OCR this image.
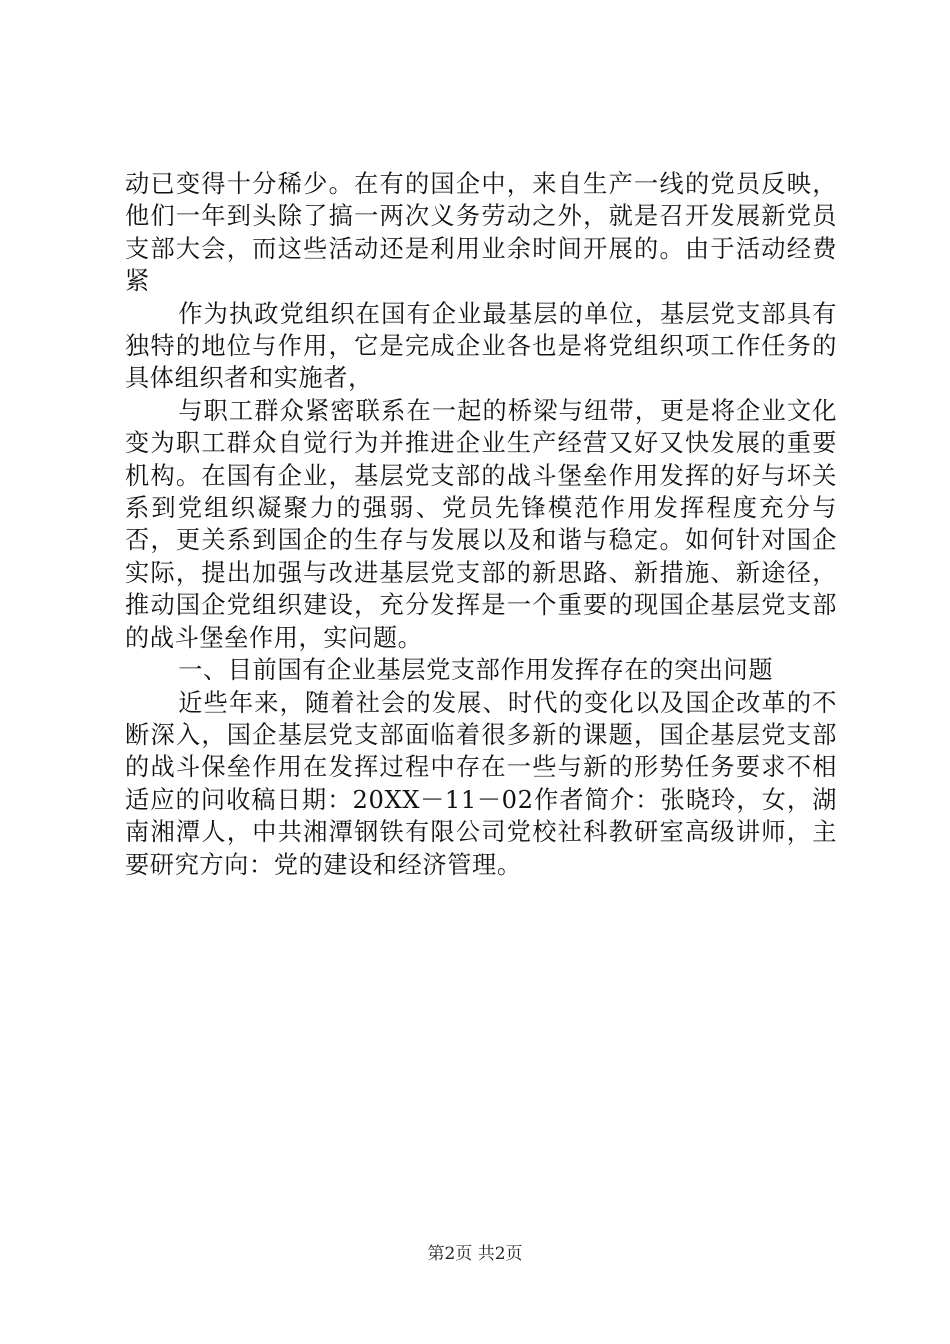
动已变得十分稀少。在有的国企中，来自生产一线的党员反映，他们一年到头除了搞一两次义务劳动之外，就是召开发展新党员支部大会，而这些活动还是利用业余时间开展的。由于活动经费紧

作为执政党组织在国有企业最基层的单位，基层党支部具有独特的地位与作用，它是完成企业各也是将党组织项工作任务的具体组织者和实施者，

与职工群众紧密联系在一起的桥梁与纽带，更是将企业文化变为职工群众自觉行为并推进企业生产经营又好又快发展的重要机构。在国有企业，基层党支部的战斗堡垒作用发挥的好与坏关系到党组织凝聚力的强弱、党员先锋模范作用发挥程度充分与否，更关系到国企的生存与发展以及和谐与稳定。如何针对国企实际，提出加强与改进基层党支部的新思路、新措施、新途径，推动国企党组织建设，充分发挥是一个重要的现国企基层党支部的战斗堡垒作用，实问题。

一、目前国有企业基层党支部作用发挥存在的突出问题

近些年来，随着社会的发展、时代的变化以及国企改革的不断深入，国企基层党支部面临着很多新的课题，国企基层党支部的战斗保垒作用在发挥过程中存在一些与新的形势任务要求不相适应的问收稿日期：20XX－11－02作者简介：张晓玲，女，湖南湘潭人，中共湘潭钢铁有限公司党校社科教研室高级讲师，主要研究方向：党的建设和经济管理。

第2页 共2页
